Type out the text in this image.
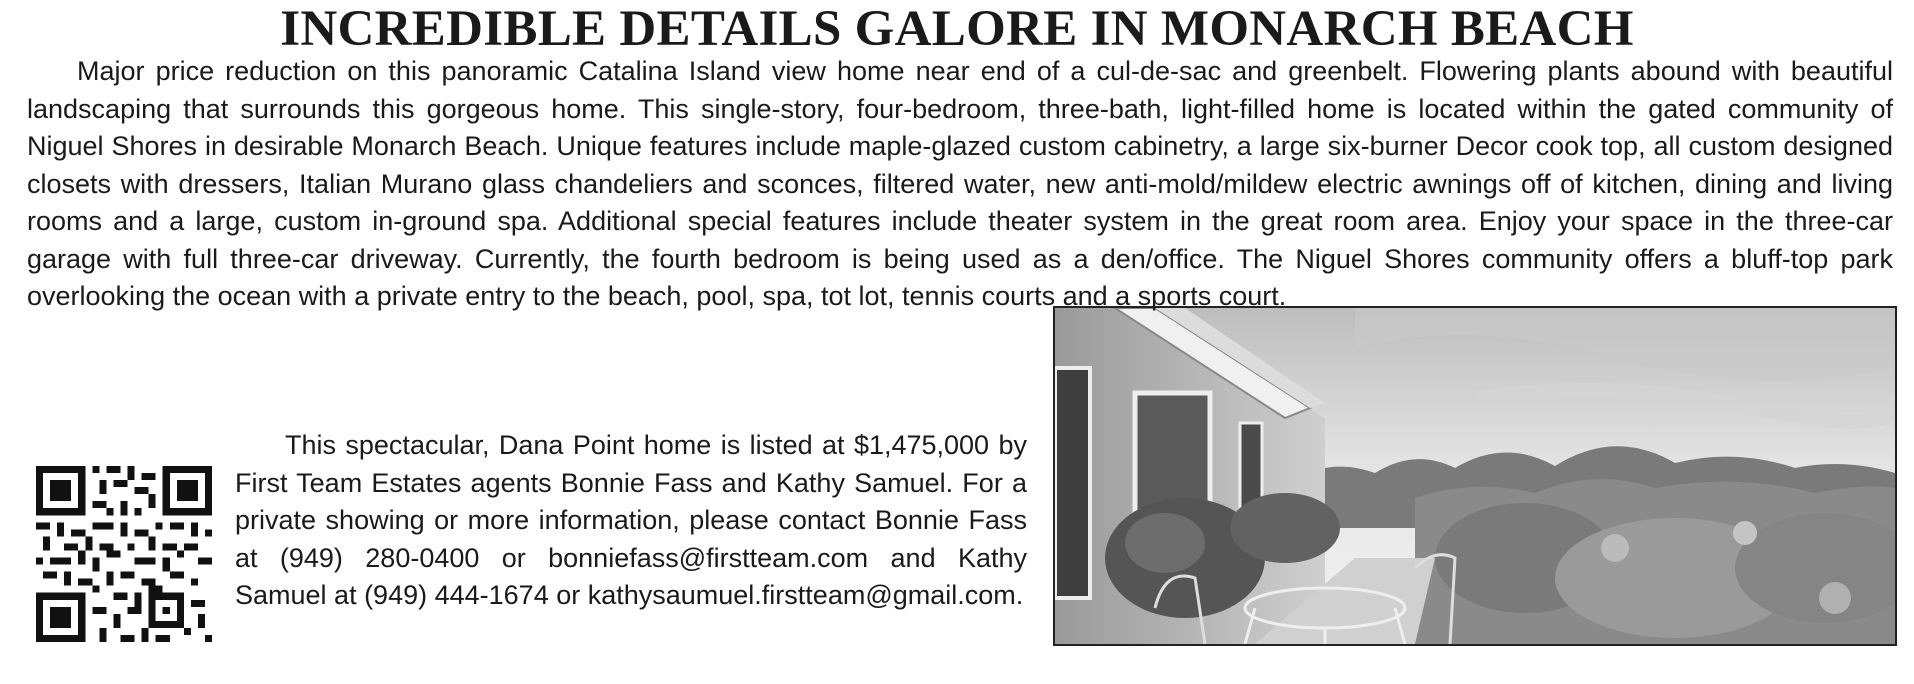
INCREDIBLE DETAILS GALORE IN MONARCH BEACH

Major price reduction on this panoramic Catalina Island view home near end of a cul-de-sac and greenbelt. Flowering plants abound with beautiful landscaping that surrounds this gorgeous home. This single-story, four-bedroom, three-bath, light-filled home is located within the gated community of Niguel Shores in desirable Monarch Beach. Unique features include maple-glazed custom cabinetry, a large six-burner Decor cook top, all custom designed closets with dressers, Italian Murano glass chandeliers and sconces, filtered water, new anti-mold/mildew electric awnings off of kitchen, dining and living rooms and a large, custom in-ground spa. Additional special features include theater system in the great room area. Enjoy your space in the three-car garage with full three-car driveway. Currently, the fourth bedroom is being used as a den/office. The Niguel Shores community offers a bluff-top park overlooking the ocean with a private entry to the beach, pool, spa, tot lot, tennis courts and a sports court.

This spectacular, Dana Point home is listed at $1,475,000 by First Team Estates agents Bonnie Fass and Kathy Samuel. For a private showing or more information, please contact Bonnie Fass at (949) 280-0400 or bonniefass@firstteam.com and Kathy Samuel at (949) 444-1674 or kathysaumuel.firstteam@gmail.com.
